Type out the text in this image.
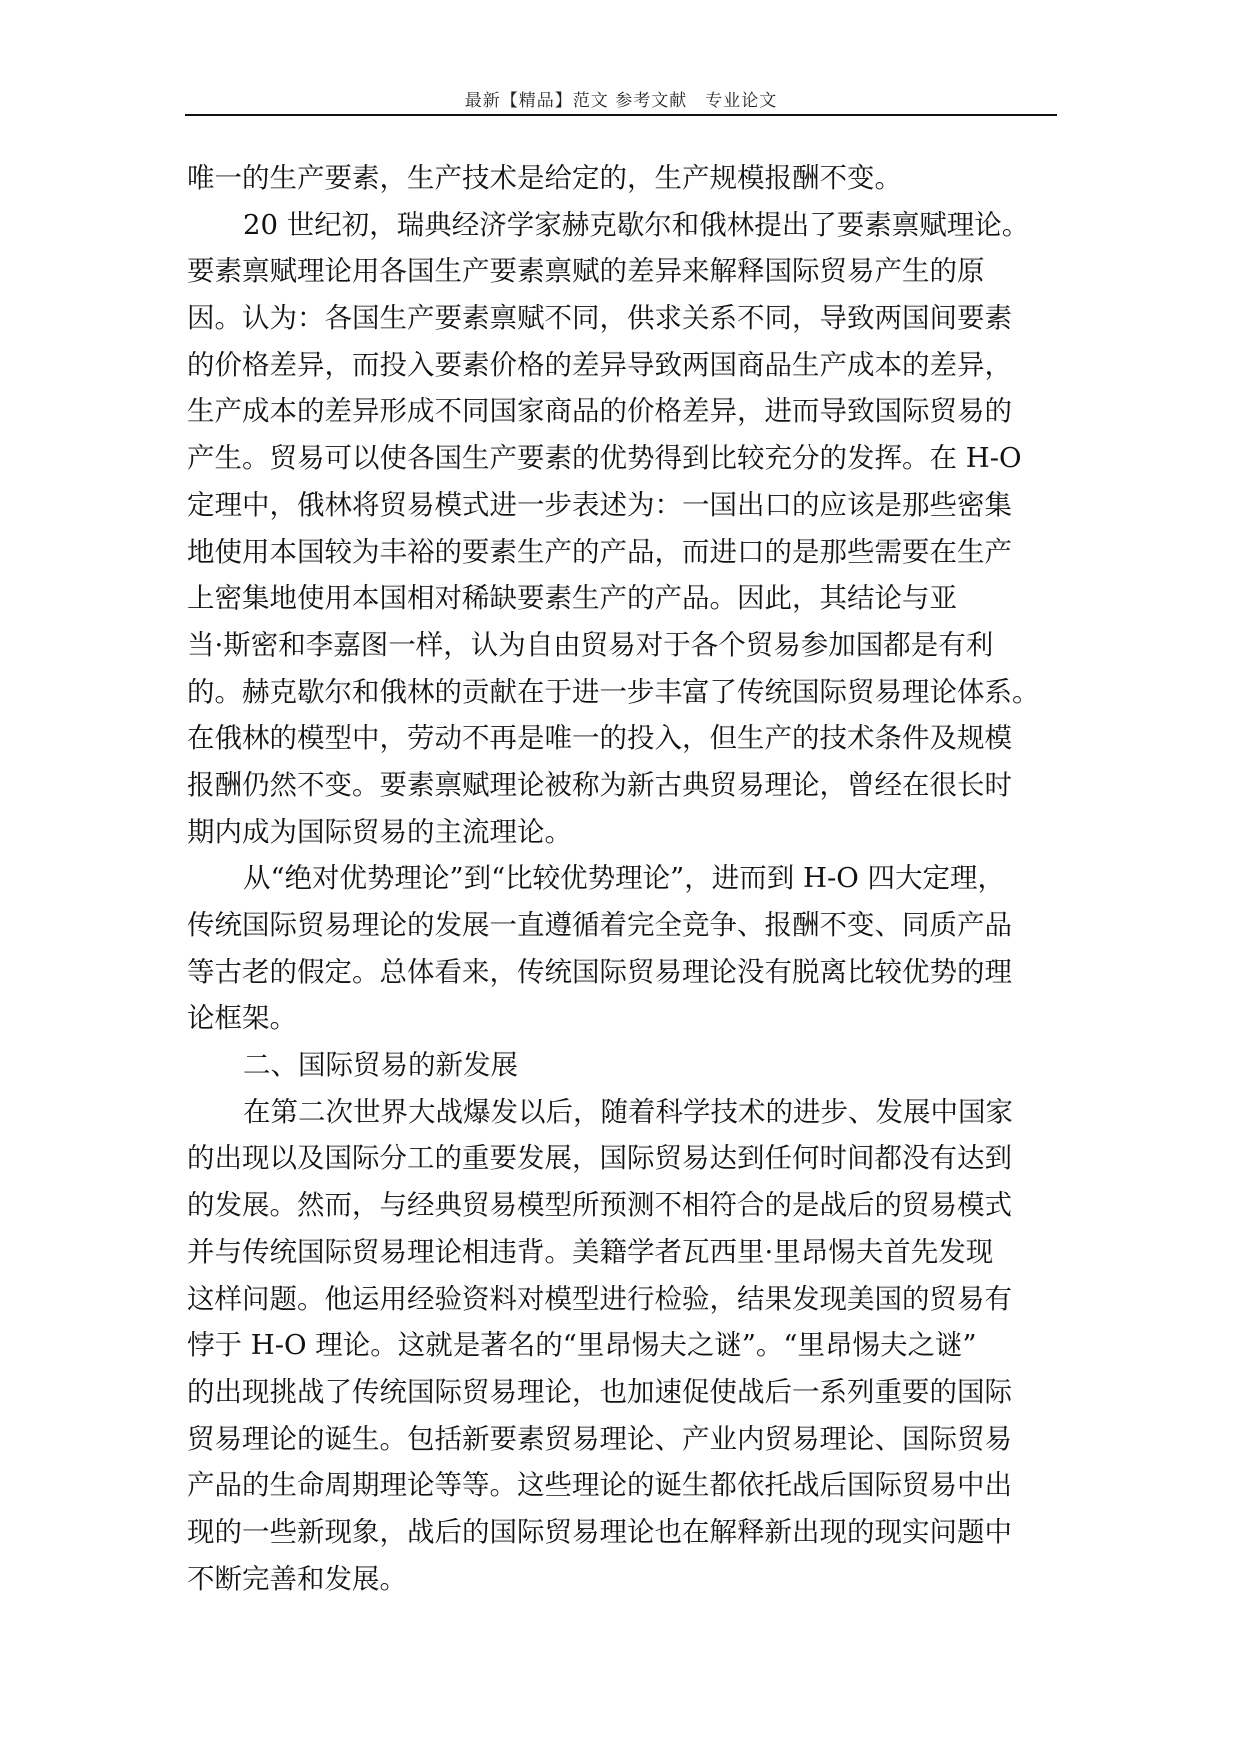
最新【精品】范文 参考文献　专业论文
唯一的生产要素，生产技术是给定的，生产规模报酬不变。
20 世纪初，瑞典经济学家赫克歇尔和俄林提出了要素禀赋理论。
要素禀赋理论用各国生产要素禀赋的差异来解释国际贸易产生的原
因。认为：各国生产要素禀赋不同，供求关系不同，导致两国间要素
的价格差异，而投入要素价格的差异导致两国商品生产成本的差异，
生产成本的差异形成不同国家商品的价格差异，进而导致国际贸易的
产生。贸易可以使各国生产要素的优势得到比较充分的发挥。在 H-O
定理中，俄林将贸易模式进一步表述为：一国出口的应该是那些密集
地使用本国较为丰裕的要素生产的产品，而进口的是那些需要在生产
上密集地使用本国相对稀缺要素生产的产品。因此，其结论与亚
当·斯密和李嘉图一样，认为自由贸易对于各个贸易参加国都是有利
的。赫克歇尔和俄林的贡献在于进一步丰富了传统国际贸易理论体系。
在俄林的模型中，劳动不再是唯一的投入，但生产的技术条件及规模
报酬仍然不变。要素禀赋理论被称为新古典贸易理论，曾经在很长时
期内成为国际贸易的主流理论。
从“绝对优势理论”到“比较优势理论”，进而到 H-O 四大定理，
传统国际贸易理论的发展一直遵循着完全竞争、报酬不变、同质产品
等古老的假定。总体看来，传统国际贸易理论没有脱离比较优势的理
论框架。
二、国际贸易的新发展
在第二次世界大战爆发以后，随着科学技术的进步、发展中国家
的出现以及国际分工的重要发展，国际贸易达到任何时间都没有达到
的发展。然而，与经典贸易模型所预测不相符合的是战后的贸易模式
并与传统国际贸易理论相违背。美籍学者瓦西里·里昂惕夫首先发现
这样问题。他运用经验资料对模型进行检验，结果发现美国的贸易有
悖于 H-O 理论。这就是著名的“里昂惕夫之谜”。“里昂惕夫之谜”
的出现挑战了传统国际贸易理论，也加速促使战后一系列重要的国际
贸易理论的诞生。包括新要素贸易理论、产业内贸易理论、国际贸易
产品的生命周期理论等等。这些理论的诞生都依托战后国际贸易中出
现的一些新现象，战后的国际贸易理论也在解释新出现的现实问题中
不断完善和发展。
